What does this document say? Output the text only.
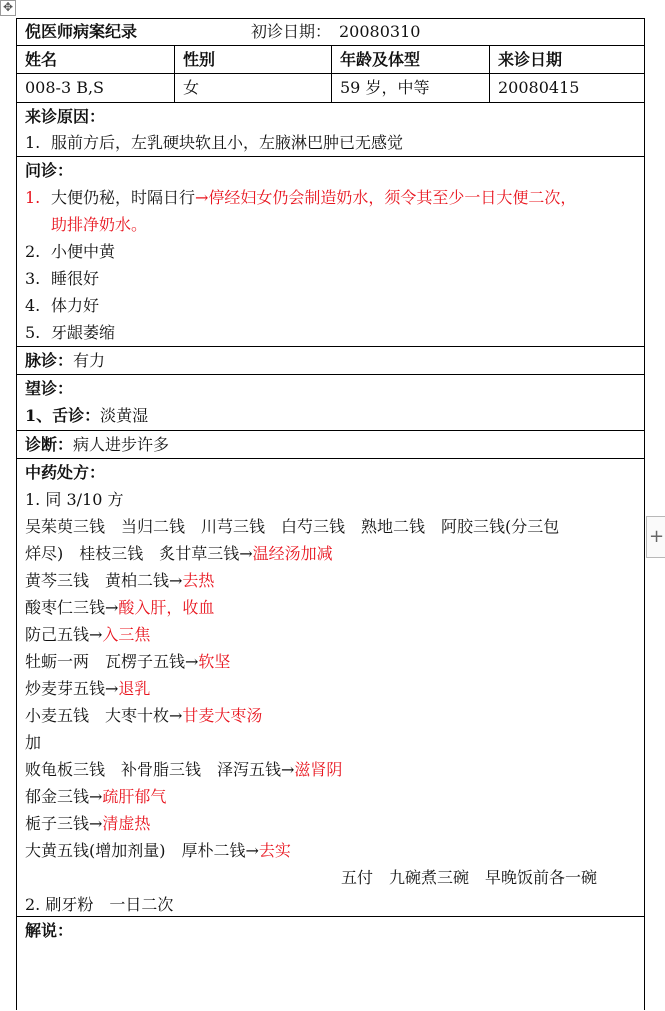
✥
+
倪医师病案纪录	初诊日期： 20080310
姓名	性别	年龄及体型	来诊日期
008-3 B,S	女	59 岁，中等	20080415
来诊原因：
1. 服前方后，左乳硬块软且小，左腋淋巴肿已无感觉
问诊：
1. 大便仍秘，时隔日行→停经妇女仍会制造奶水，须令其至少一日大便二次，
助排净奶水。
2. 小便中黄
3. 睡很好
4. 体力好
5. 牙龈萎缩
脉诊：有力
望诊：
1、舌诊：淡黄湿
诊断：病人进步许多
中药处方：
1. 同 3/10 方
吴茱萸三钱　当归二钱　川芎三钱　白芍三钱　熟地二钱　阿胶三钱(分三包
烊尽)　桂枝三钱　炙甘草三钱→温经汤加减
黄芩三钱　黄柏二钱→去热
酸枣仁三钱→酸入肝，收血
防己五钱→入三焦
牡蛎一两　瓦楞子五钱→软坚
炒麦芽五钱→退乳
小麦五钱　大枣十枚→甘麦大枣汤
加
败龟板三钱　补骨脂三钱　泽泻五钱→滋肾阴
郁金三钱→疏肝郁气
栀子三钱→清虚热
大黄五钱(增加剂量)　厚朴二钱→去实
五付　九碗煮三碗　早晚饭前各一碗
2. 刷牙粉　一日二次
解说：
